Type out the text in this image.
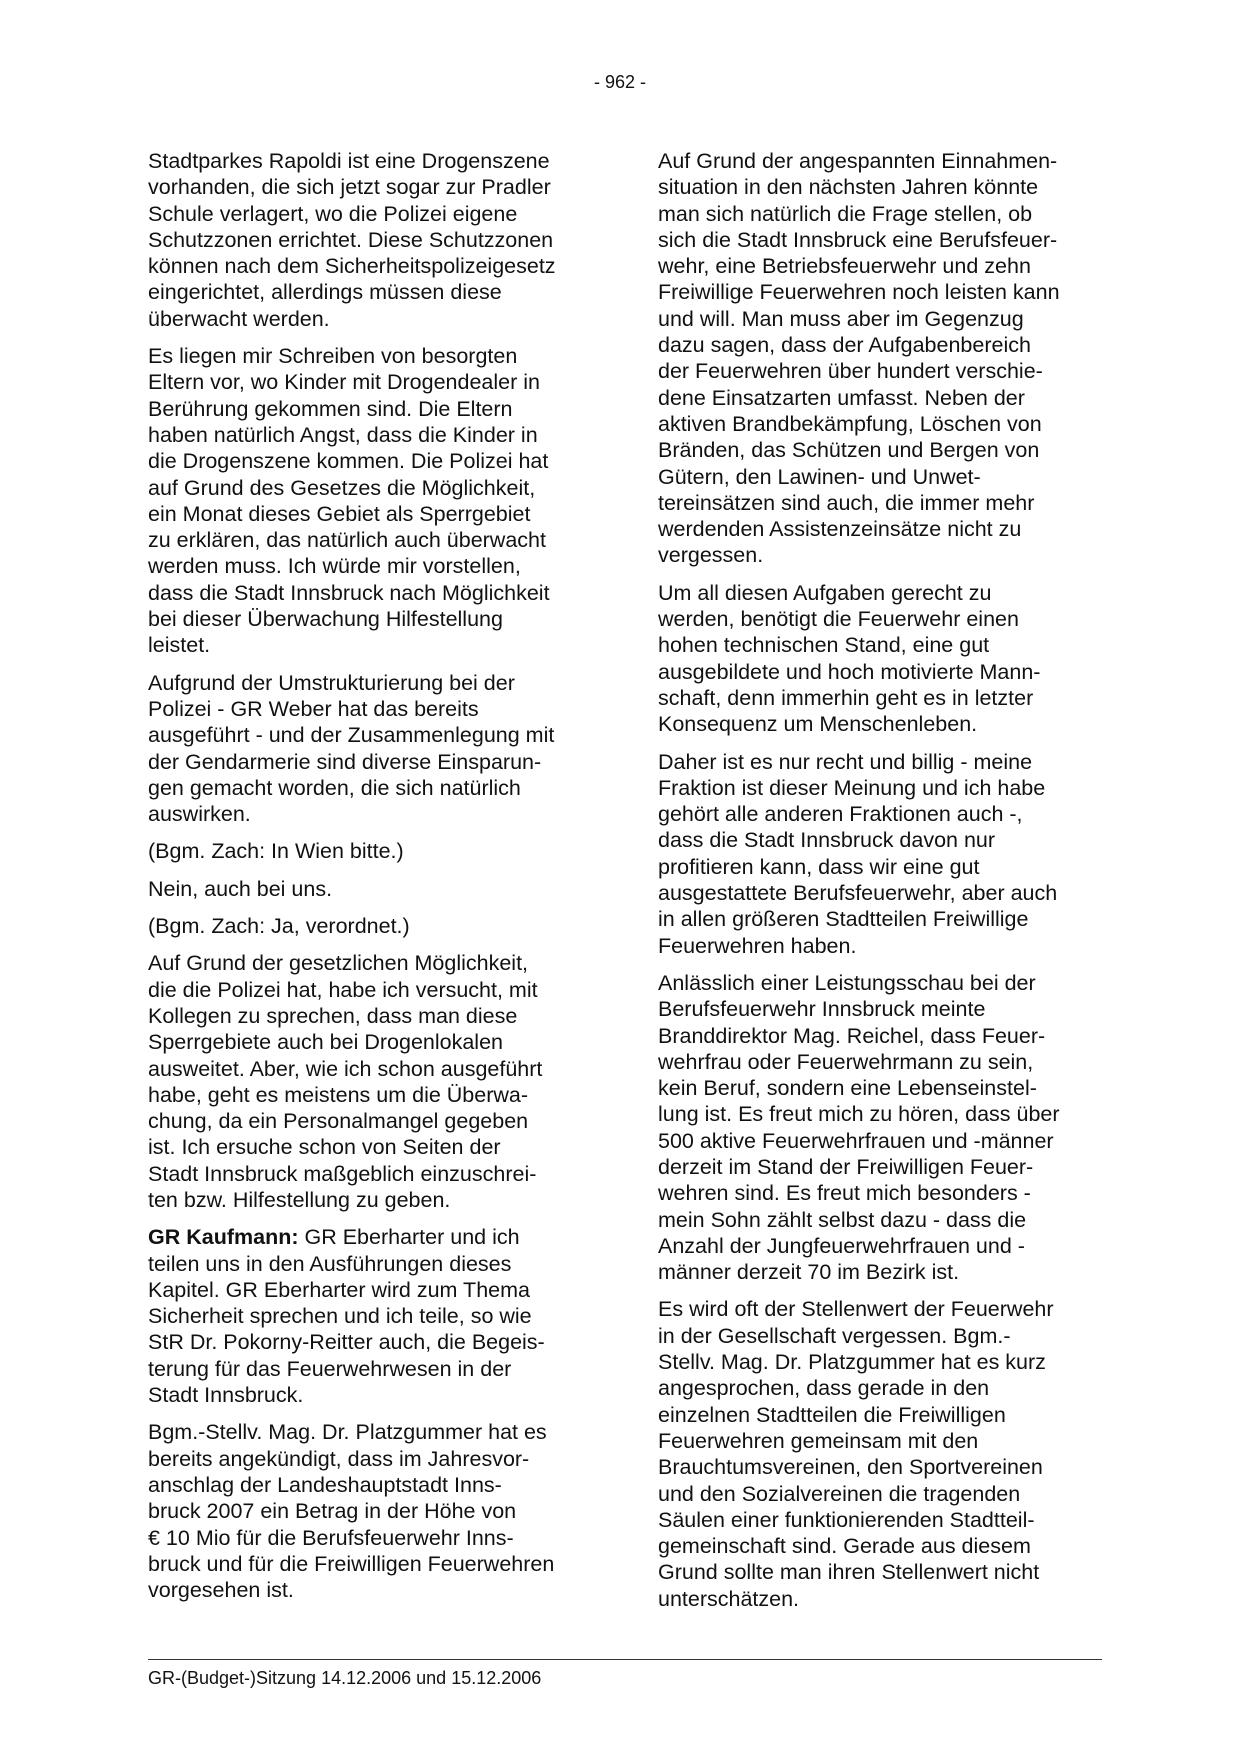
- 962 -

Stadtparkes Rapoldi ist eine Drogenszene
vorhanden, die sich jetzt sogar zur Pradler
Schule verlagert, wo die Polizei eigene
Schutzzonen errichtet. Diese Schutzzonen
können nach dem Sicherheitspolizeigesetz
eingerichtet, allerdings müssen diese
überwacht werden.

Es liegen mir Schreiben von besorgten
Eltern vor, wo Kinder mit Drogendealer in
Berührung gekommen sind. Die Eltern
haben natürlich Angst, dass die Kinder in
die Drogenszene kommen. Die Polizei hat
auf Grund des Gesetzes die Möglichkeit,
ein Monat dieses Gebiet als Sperrgebiet
zu erklären, das natürlich auch überwacht
werden muss. Ich würde mir vorstellen,
dass die Stadt Innsbruck nach Möglichkeit
bei dieser Überwachung Hilfestellung
leistet.

Aufgrund der Umstrukturierung bei der
Polizei - GR Weber hat das bereits
ausgeführt - und der Zusammenlegung mit
der Gendarmerie sind diverse Einsparun-
gen gemacht worden, die sich natürlich
auswirken.

(Bgm. Zach: In Wien bitte.)

Nein, auch bei uns.

(Bgm. Zach: Ja, verordnet.)

Auf Grund der gesetzlichen Möglichkeit,
die die Polizei hat, habe ich versucht, mit
Kollegen zu sprechen, dass man diese
Sperrgebiete auch bei Drogenlokalen
ausweitet. Aber, wie ich schon ausgeführt
habe, geht es meistens um die Überwa-
chung, da ein Personalmangel gegeben
ist. Ich ersuche schon von Seiten der
Stadt Innsbruck maßgeblich einzuschrei-
ten bzw. Hilfestellung zu geben.

GR Kaufmann: GR Eberharter und ich
teilen uns in den Ausführungen dieses
Kapitel. GR Eberharter wird zum Thema
Sicherheit sprechen und ich teile, so wie
StR Dr. Pokorny-Reitter auch, die Begeis-
terung für das Feuerwehrwesen in der
Stadt Innsbruck.

Bgm.-Stellv. Mag. Dr. Platzgummer hat es
bereits angekündigt, dass im Jahresvor-
anschlag der Landeshauptstadt Inns-
bruck 2007 ein Betrag in der Höhe von
€ 10 Mio für die Berufsfeuerwehr Inns-
bruck und für die Freiwilligen Feuerwehren
vorgesehen ist.

Auf Grund der angespannten Einnahmen-
situation in den nächsten Jahren könnte
man sich natürlich die Frage stellen, ob
sich die Stadt Innsbruck eine Berufsfeuer-
wehr, eine Betriebsfeuerwehr und zehn
Freiwillige Feuerwehren noch leisten kann
und will. Man muss aber im Gegenzug
dazu sagen, dass der Aufgabenbereich
der Feuerwehren über hundert verschie-
dene Einsatzarten umfasst. Neben der
aktiven Brandbekämpfung, Löschen von
Bränden, das Schützen und Bergen von
Gütern, den Lawinen- und Unwet-
tereinsätzen sind auch, die immer mehr
werdenden Assistenzeinsätze nicht zu
vergessen.

Um all diesen Aufgaben gerecht zu
werden, benötigt die Feuerwehr einen
hohen technischen Stand, eine gut
ausgebildete und hoch motivierte Mann-
schaft, denn immerhin geht es in letzter
Konsequenz um Menschenleben.

Daher ist es nur recht und billig - meine
Fraktion ist dieser Meinung und ich habe
gehört alle anderen Fraktionen auch -,
dass die Stadt Innsbruck davon nur
profitieren kann, dass wir eine gut
ausgestattete Berufsfeuerwehr, aber auch
in allen größeren Stadtteilen Freiwillige
Feuerwehren haben.

Anlässlich einer Leistungsschau bei der
Berufsfeuerwehr Innsbruck meinte
Branddirektor Mag. Reichel, dass Feuer-
wehrfrau oder Feuerwehrmann zu sein,
kein Beruf, sondern eine Lebenseinstel-
lung ist. Es freut mich zu hören, dass über
500 aktive Feuerwehrfrauen und -männer
derzeit im Stand der Freiwilligen Feuer-
wehren sind. Es freut mich besonders -
mein Sohn zählt selbst dazu - dass die
Anzahl der Jungfeuerwehrfrauen und -
männer derzeit 70 im Bezirk ist.

Es wird oft der Stellenwert der Feuerwehr
in der Gesellschaft vergessen. Bgm.-
Stellv. Mag. Dr. Platzgummer hat es kurz
angesprochen, dass gerade in den
einzelnen Stadtteilen die Freiwilligen
Feuerwehren gemeinsam mit den
Brauchtumsvereinen, den Sportvereinen
und den Sozialvereinen die tragenden
Säulen einer funktionierenden Stadtteil-
gemeinschaft sind. Gerade aus diesem
Grund sollte man ihren Stellenwert nicht
unterschätzen.

GR-(Budget-)Sitzung 14.12.2006 und 15.12.2006
